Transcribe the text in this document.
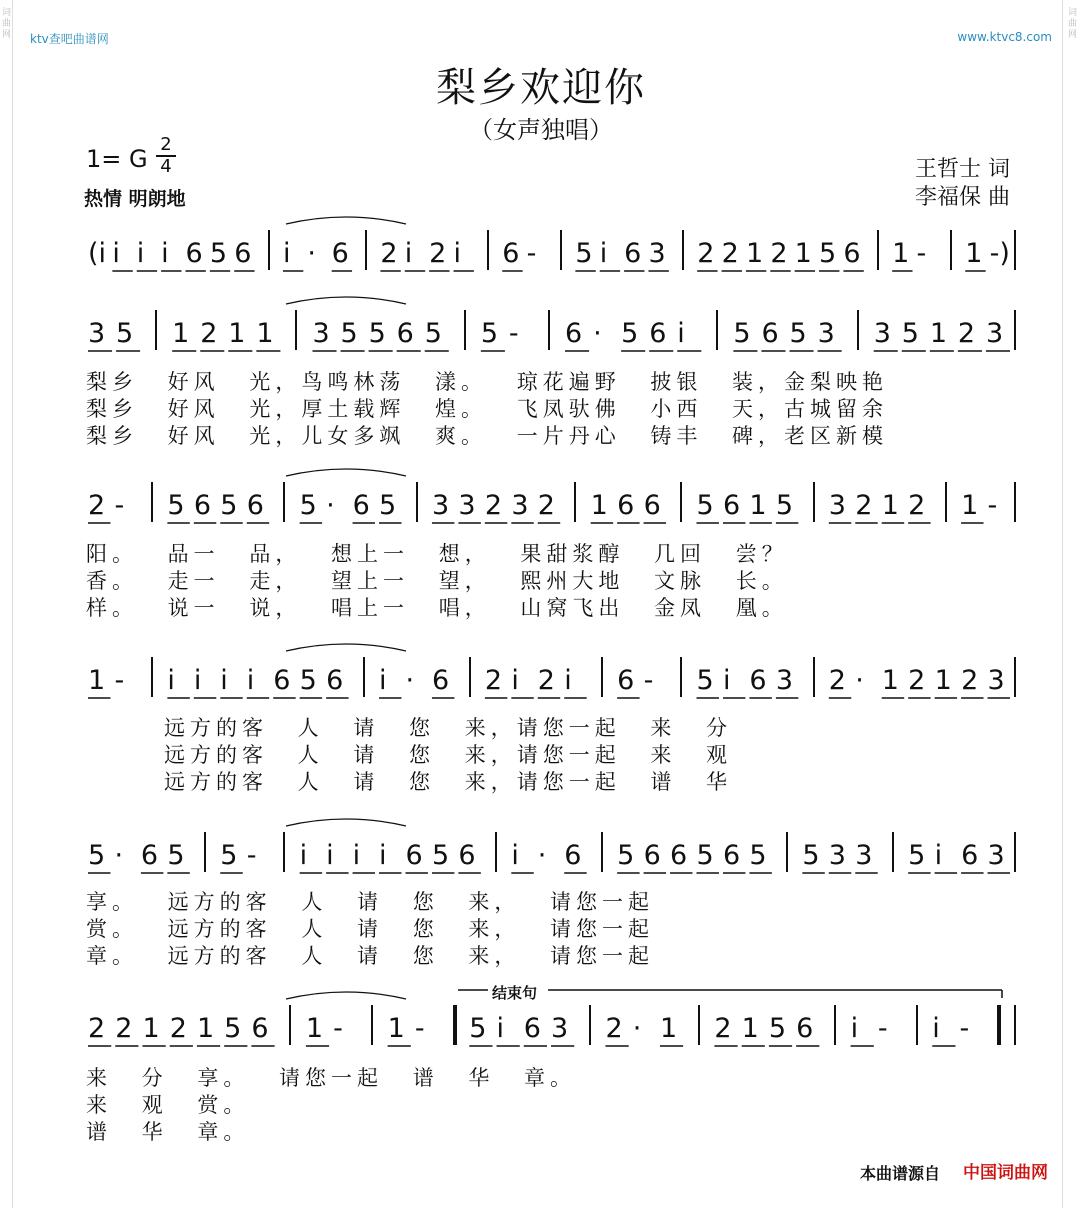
ktv查吧曲谱网	www.ktvc8.com
梨乡欢迎你
（女声独唱）
1= G
2
4
热情 明朗地
王哲士 词
李福保 曲
(i i i i 6 5 6 i · 6 2 i 2 i 6 - 5 i 6 3 2 2 1 2 1 5 6 1 - 1 -)
3 5 1 2 1 1 3 5 5 6 5 5 - 6 · 5 6 i 5 6 5 3 3 5 1 2 3
梨乡 好风 光，鸟鸣林荡 漾。 琼花遍野 披银 装，金梨映艳
梨乡 好风 光，厚土载辉 煌。 飞凤驮佛 小西 天，古城留余
梨乡 好风 光，儿女多飒 爽。 一片丹心 铸丰 碑，老区新模
2 - 5 6 5 6 5 · 6 5 3 3 2 3 2 1 6 6 5 6 1 5 3 2 1 2 1 -
阳。 品一 品， 想上一 想， 果甜浆醇 几回 尝？
香。 走一 走， 望上一 望， 熙州大地 文脉 长。
样。 说一 说， 唱上一 唱， 山窝飞出 金凤 凰。
1 - i i i i 6 5 6 i · 6 2 i 2 i 6 - 5 i 6 3 2 · 1 2 1 2 3
远方的客 人 请 您 来，请您一起 来 分
远方的客 人 请 您 来，请您一起 来 观
远方的客 人 请 您 来，请您一起 谱 华
5 · 6 5 5 - i i i i 6 5 6 i · 6 5 6 6 5 6 5 5 3 3 5 i 6 3
享。 远方的客 人 请 您 来， 请您一起
赏。 远方的客 人 请 您 来， 请您一起
章。 远方的客 人 请 您 来， 请您一起
2 2 1 2 1 5 6 1 - 1 - 5 i 6 3 2 · 1 2 1 5 6 i - i -
来 分 享。 请您一起 谱 华 章。
来 观 赏。
谱 华 章。
结束句
本曲谱源自 中国词曲网
词
曲
网
词
曲
网
